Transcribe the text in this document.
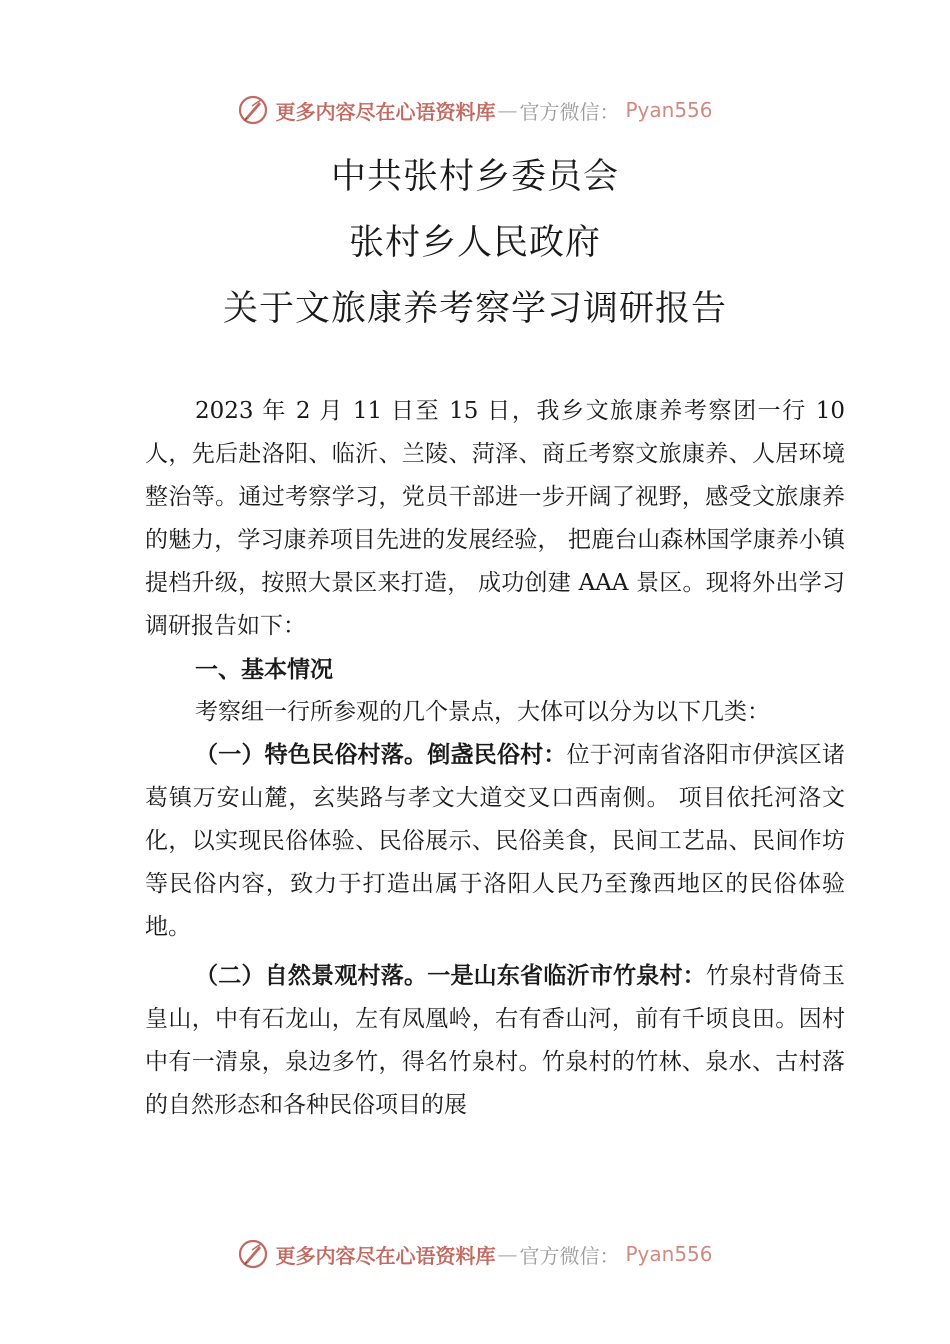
更多内容尽在心语资料库 — 官方微信： Pyan556
中共张村乡委员会
张村乡人民政府
关于文旅康养考察学习调研报告

2023 年 2 月 11 日至 15 日，我乡文旅康养考察团一行 10 人，先后赴洛阳、临沂、兰陵、菏泽、商丘考察文旅康养、人居环境整治等。通过考察学习，党员干部进一步开阔了视野，感受文旅康养的魅力，学习康养项目先进的发展经验， 把鹿台山森林国学康养小镇提档升级，按照大景区来打造， 成功创建 AAA 景区。现将外出学习调研报告如下：

一、基本情况

考察组一行所参观的几个景点，大体可以分为以下几类：

（一）特色民俗村落。倒盏民俗村：位于河南省洛阳市伊滨区诸葛镇万安山麓，玄奘路与孝文大道交叉口西南侧。 项目依托河洛文化，以实现民俗体验、民俗展示、民俗美食，民间工艺品、民间作坊等民俗内容，致力于打造出属于洛阳人民乃至豫西地区的民俗体验地。

（二）自然景观村落。一是山东省临沂市竹泉村：竹泉村背倚玉皇山，中有石龙山，左有凤凰岭，右有香山河，前有千顷良田。因村中有一清泉，泉边多竹，得名竹泉村。竹泉村的竹林、泉水、古村落的自然形态和各种民俗项目的展

更多内容尽在心语资料库 — 官方微信： Pyan556
